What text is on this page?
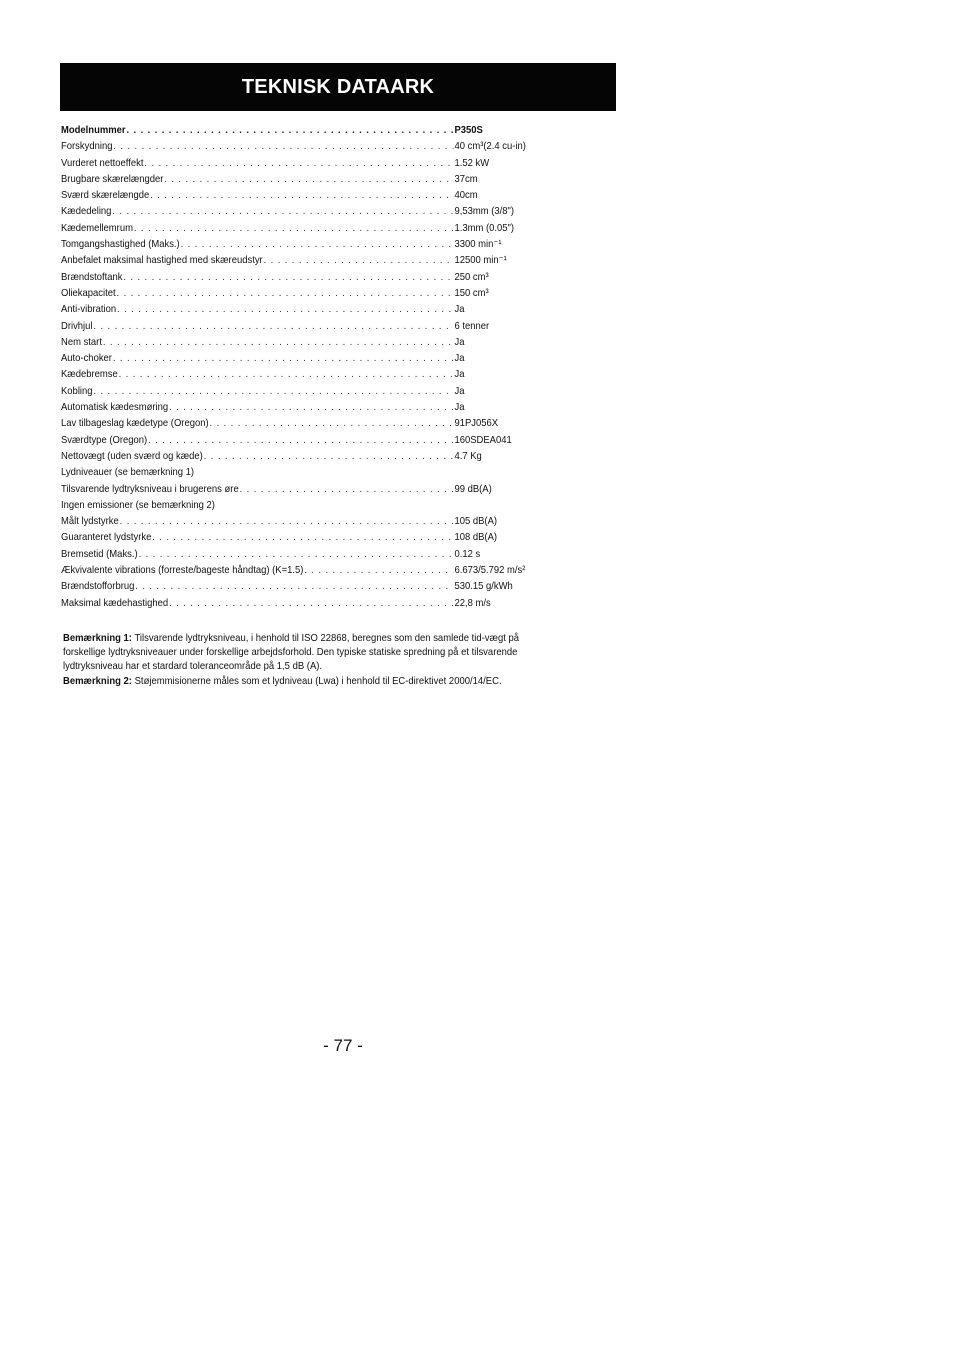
TEKNISK DATAARK
Modelnummer . . .	P350S
Forskydning . . .	40 cm³(2.4 cu-in)
Vurderet nettoeffekt . . .	1.52 kW
Brugbare skærelængder . . .	37cm
Sværd skærelængde . . .	40cm
Kædedeling . . .	9,53mm (3/8")
Kædemellemrum . . .	1.3mm (0.05")
Tomgangshastighed (Maks.) . . .	3300 min⁻¹
Anbefalet maksimal hastighed med skæreudstyr . . .	12500 min⁻¹
Brændstoftank . . .	250 cm³
Oliekapacitet . . .	150 cm³
Anti-vibration . . .	Ja
Drivhjul . . .	6 tenner
Nem start . . .	Ja
Auto-choker . . .	Ja
Kædebremse . . .	Ja
Kobling . . .	Ja
Automatisk kædesmøring . . .	Ja
Lav tilbageslag kædetype (Oregon) . . .	91PJ056X
Sværdtype (Oregon) . . .	160SDEA041
Nettovægt (uden sværd og kæde) . . .	4.7 Kg
Lydniveauer (se bemærkning 1)
Tilsvarende lydtryksniveau i brugerens øre . . .	99 dB(A)
Ingen emissioner (se bemærkning 2)
Målt lydstyrke . . .	105 dB(A)
Guaranteret lydstyrke . . .	108 dB(A)
Bremsetid (Maks.) . . .	0.12 s
Ækvivalente vibrations (forreste/bageste håndtag) (K=1.5) . . .	6.673/5.792 m/s²
Brændstofforbrug . . .	530.15 g/kWh
Maksimal kædehastighed . . .	22,8 m/s

Bemærkning 1: Tilsvarende lydtryksniveau, i henhold til ISO 22868, beregnes som den samlede tid-vægt på forskellige lydtryksniveauer under forskellige arbejdsforhold. Den typiske statiske spredning på et tilsvarende lydtryksniveau har et stardard toleranceområde på 1,5 dB (A).

Bemærkning 2: Støjemmisionerne måles som et lydniveau (Lwa) i henhold til EC-direktivet 2000/14/EC.

- 77 -
